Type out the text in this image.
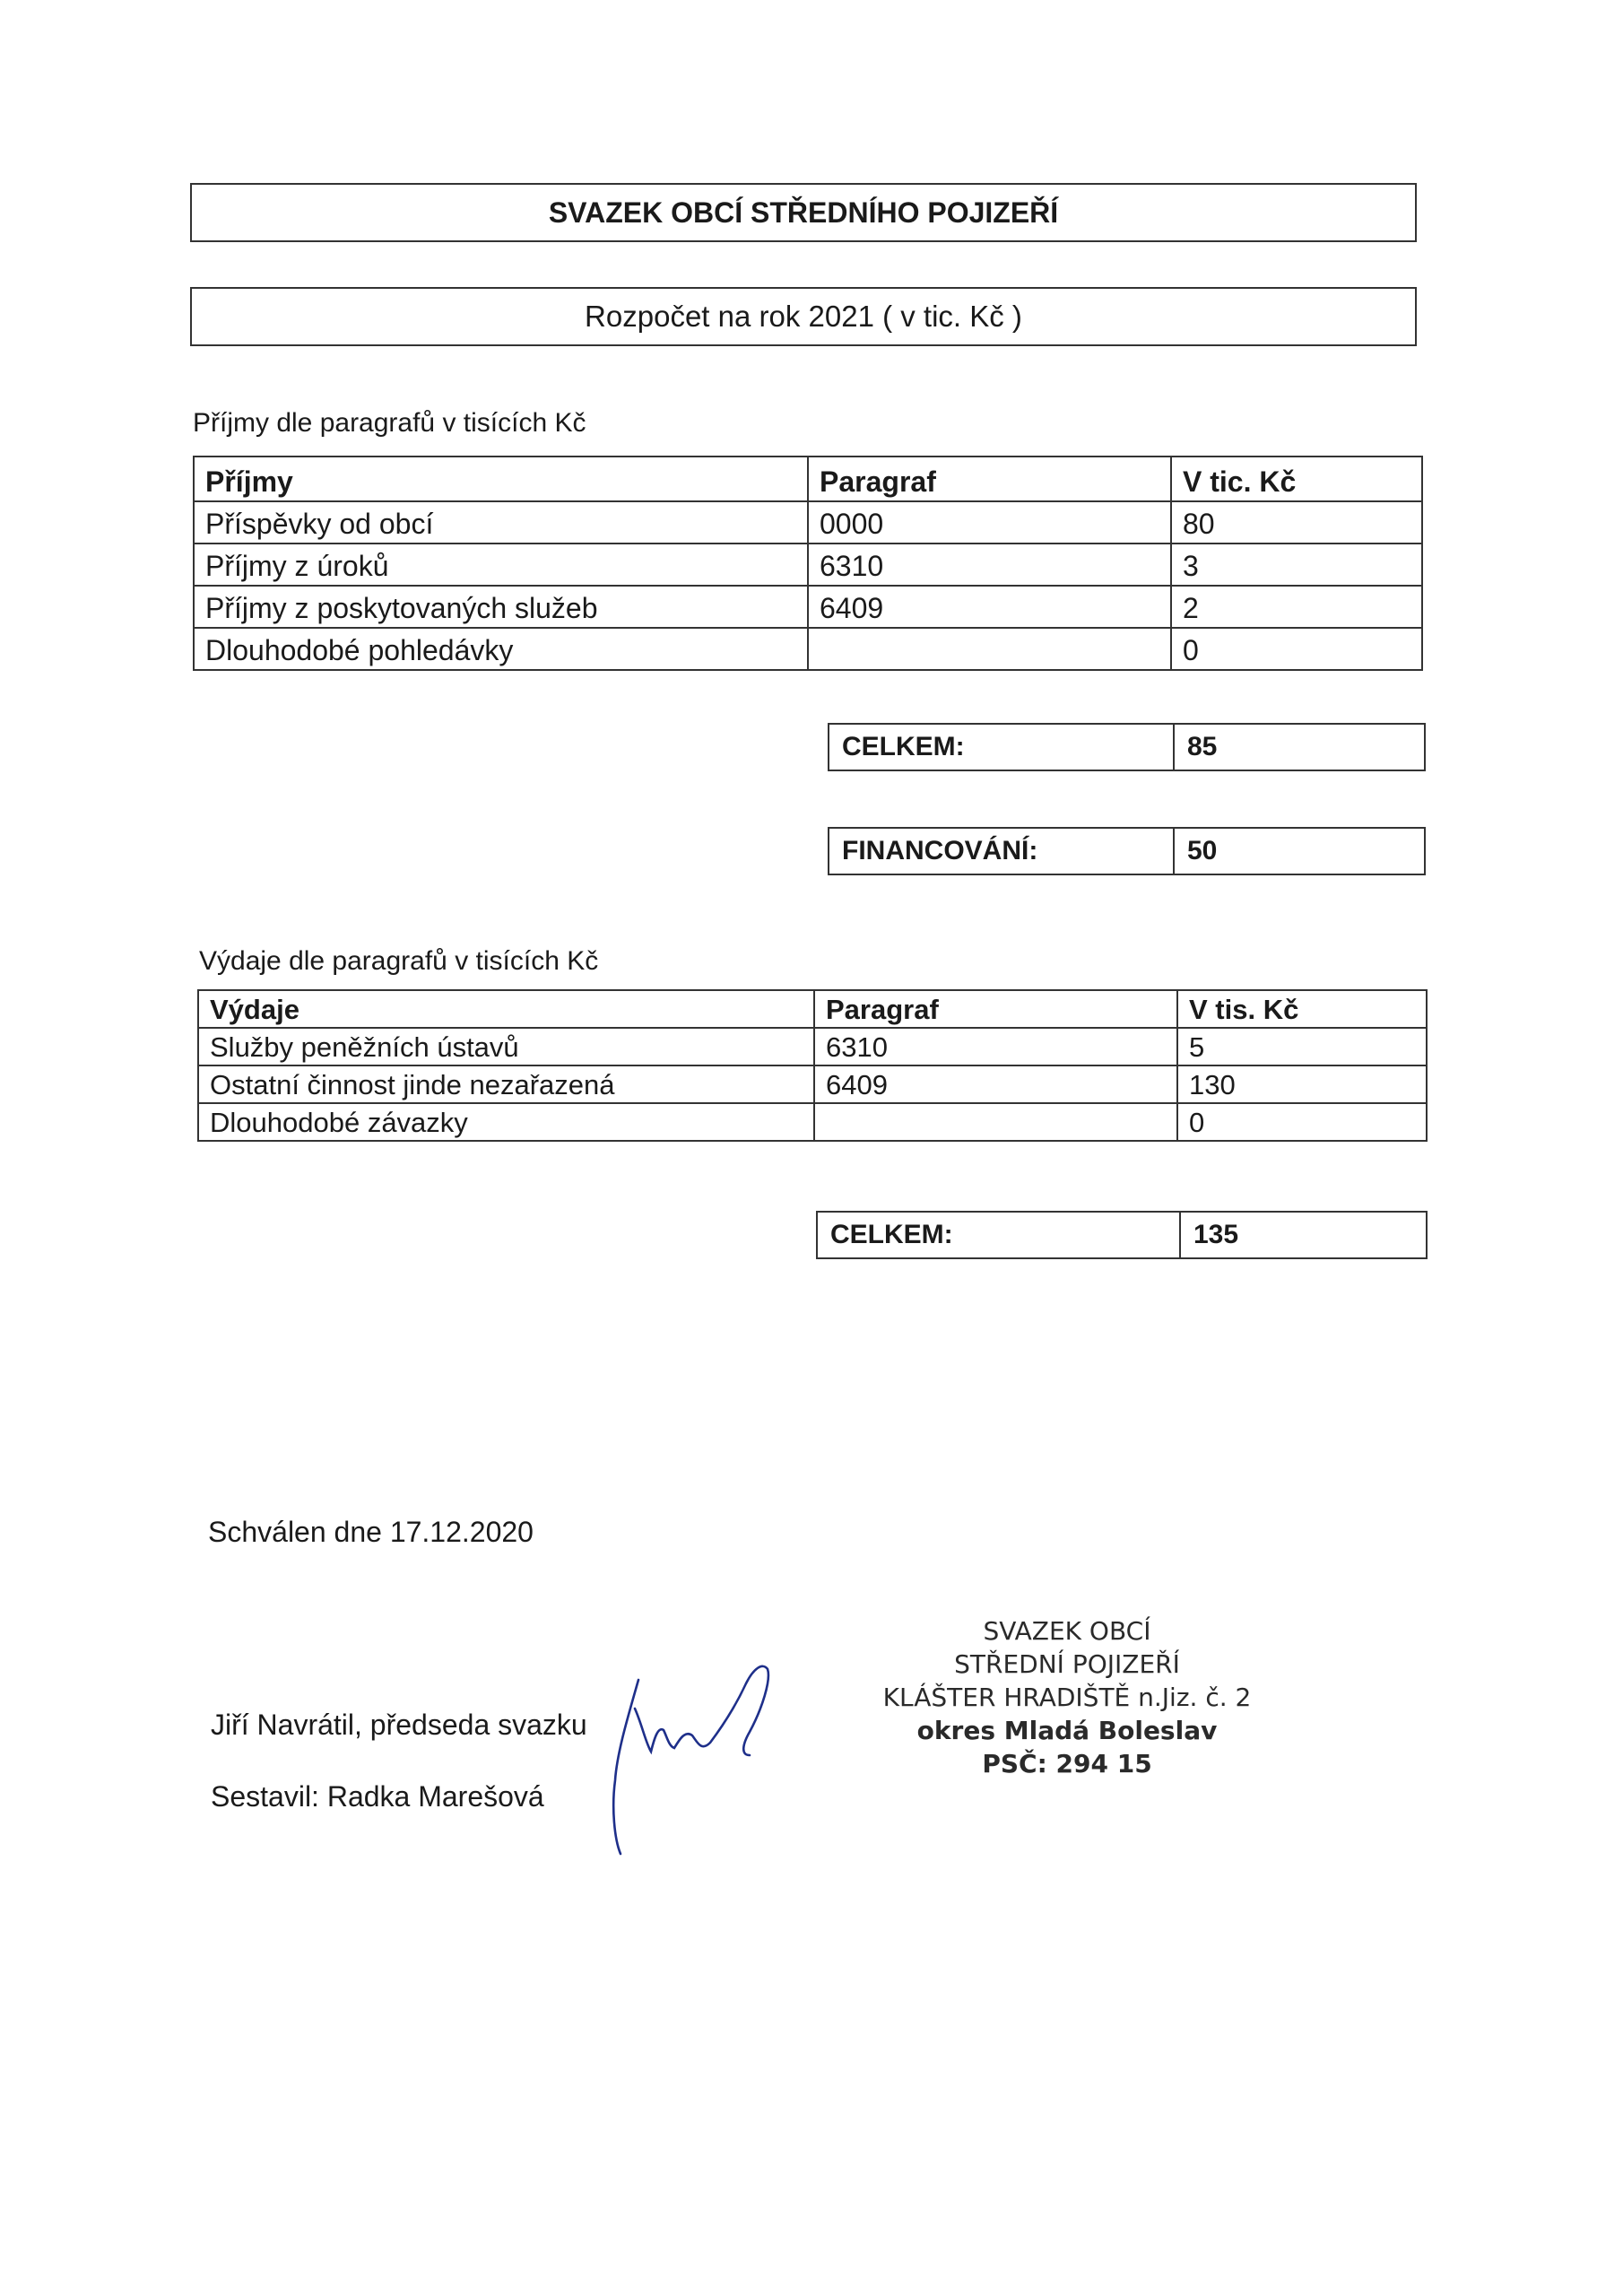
SVAZEK OBCÍ STŘEDNÍHO POJIZEŘÍ
Rozpočet na rok 2021 ( v tic. Kč )
Příjmy dle paragrafů v tisících Kč
Příjmy	Paragraf	V tic. Kč
Příspěvky od obcí	0000	80
Příjmy z úroků	6310	3
Příjmy z poskytovaných služeb	6409	2
Dlouhodobé pohledávky		0
CELKEM:	85
FINANCOVÁNÍ:	50
Výdaje dle paragrafů v tisících Kč
Výdaje	Paragraf	V tis. Kč
Služby peněžních ústavů	6310	5
Ostatní činnost jinde nezařazená	6409	130
Dlouhodobé závazky		0
CELKEM:	135
Schválen dne 17.12.2020
Jiří Navrátil, předseda svazku
Sestavil: Radka Marešová
SVAZEK OBCÍ
STŘEDNÍ POJIZEŘÍ
KLÁŠTER HRADIŠTĚ n.Jiz. č. 2
okres Mladá Boleslav
PSČ: 294 15
